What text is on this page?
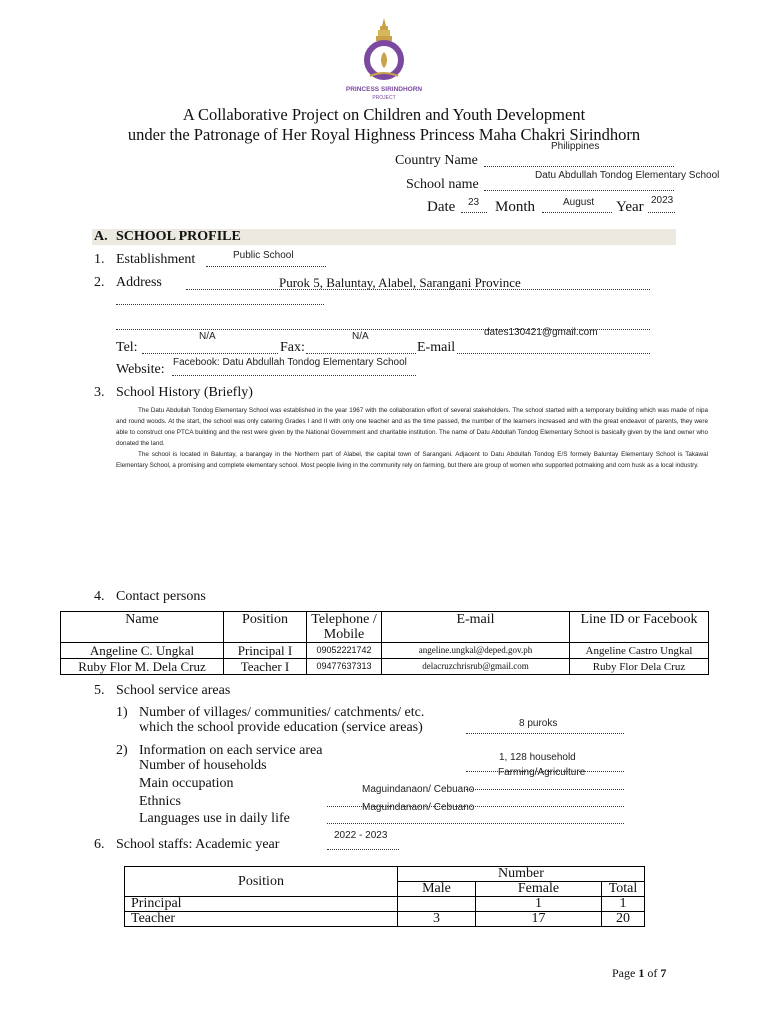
PRINCESS SIRINDHORN
PROJECT
A Collaborative Project on Children and Youth Development
under the Patronage of Her Royal Highness Princess Maha Chakri Sirindhorn
Philippines
Country Name
Datu Abdullah Tondog Elementary School
School name
Date 23 Month	August Year 2023
A. SCHOOL PROFILE
1. Establishment	Public School
2. Address	Purok 5, Baluntay, Alabel, Sarangani Province
N/A	N/A	dates130421@gmail.com
Tel:	Fax:	E-mail
Facebook: Datu Abdullah Tondog Elementary School
Website:
3. School History (Briefly)

The Datu Abdullah Tondog Elementary School was established in the year 1967 with the collaboration effort of several stakeholders. The school started with a temporary building which was made of nipa and round woods. At the start, the school was only catering Grades I and II with only one teacher and as the time passed, the number of the learners increased and with the great endeavor of parents, they were able to construct one PTCA building and the rest were given by the National Government and charitable institution. The name of Datu Abdullah Tondog Elementary School is basically given by the land owner who donated the land.

The school is located in Baluntay, a barangay in the Northern part of Alabel, the capital town of Sarangani. Adjacent to Datu Abdullah Tondog E/S formely Baluntay Elementary School is Takawal Elementary School, a promising and complete elementary school. Most people living in the community rely on farming, but there are group of women who supported potmaking and corn husk as a local industry.

4. Contact persons
Name	Position	Telephone / Mobile	E-mail	Line ID or Facebook
Angeline C. Ungkal	Principal I	09052221742	angeline.ungkal@deped.gov.ph	Angeline Castro Ungkal
Ruby Flor M. Dela Cruz	Teacher I	09477637313	delacruzchrisrub@gmail.com	Ruby Flor Dela Cruz
5. School service areas
1) Number of villages/ communities/ catchments/ etc.
which the school provide education (service areas)	8 puroks
2) Information on each service area
Number of households
1, 128 household
Main occupation
Farming/Agriculture
Ethnics
Maguindanaon/ Cebuano
Languages use in daily life
Maguindanaon/ Cebuano
6. School staffs: Academic year
2022 - 2023
Position	Number		
	Male	Female	Total
Principal		1	1
Teacher	3	17	20
Page 1 of 7
